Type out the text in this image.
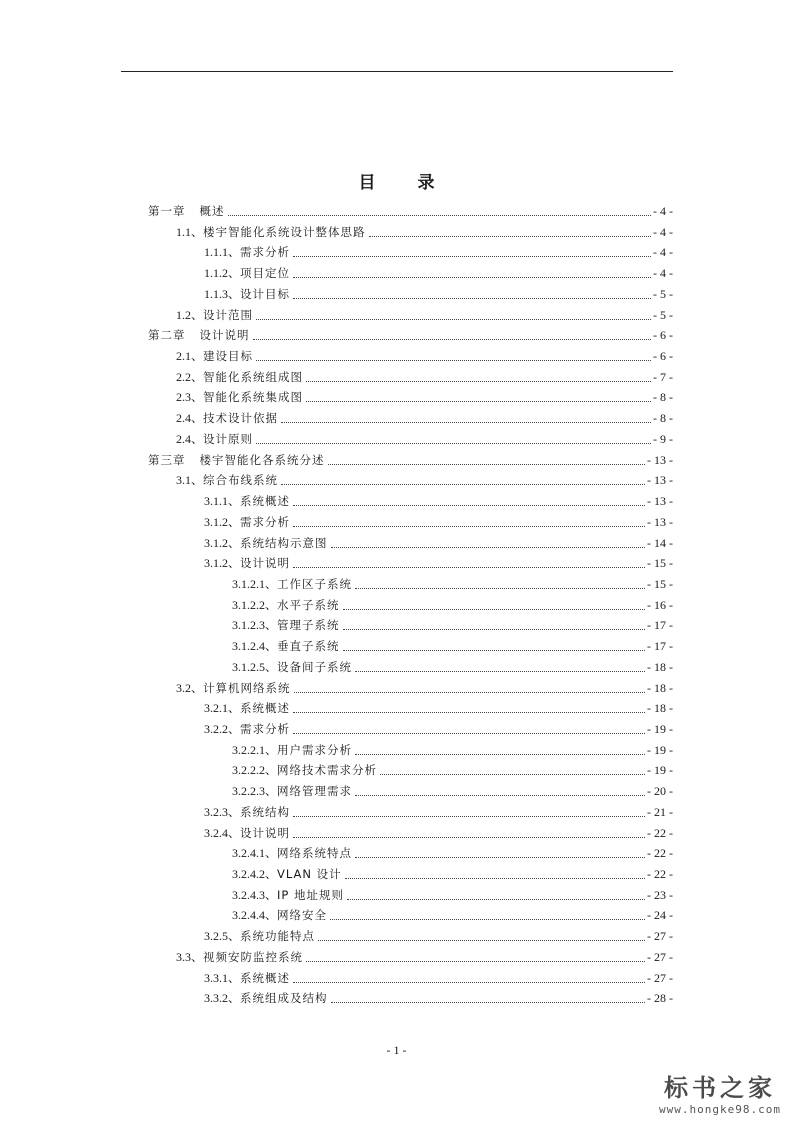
目 录
第一章 概述	- 4 -
1.1、 楼宇智能化系统设计整体思路	- 4 -
1.1.1、 需求分析	- 4 -
1.1.2、 项目定位	- 4 -
1.1.3、 设计目标	- 5 -
1.2、 设计范围	- 5 -
第二章 设计说明	- 6 -
2.1、 建设目标	- 6 -
2.2、 智能化系统组成图	- 7 -
2.3、 智能化系统集成图	- 8 -
2.4、 技术设计依据	- 8 -
2.4、 设计原则	- 9 -
第三章 楼宇智能化各系统分述	- 13 -
3.1、 综合布线系统	- 13 -
3.1.1、 系统概述	- 13 -
3.1.2、 需求分析	- 13 -
3.1.2、 系统结构示意图	- 14 -
3.1.2、 设计说明	- 15 -
3.1.2.1、 工作区子系统	- 15 -
3.1.2.2、 水平子系统	- 16 -
3.1.2.3、 管理子系统	- 17 -
3.1.2.4、 垂直子系统	- 17 -
3.1.2.5、 设备间子系统	- 18 -
3.2、 计算机网络系统	- 18 -
3.2.1、 系统概述	- 18 -
3.2.2、 需求分析	- 19 -
3.2.2.1、 用户需求分析	- 19 -
3.2.2.2、 网络技术需求分析	- 19 -
3.2.2.3、 网络管理需求	- 20 -
3.2.3、 系统结构	- 21 -
3.2.4、 设计说明	- 22 -
3.2.4.1、 网络系统特点	- 22 -
3.2.4.2、 VLAN 设计	- 22 -
3.2.4.3、 IP 地址规则	- 23 -
3.2.4.4、 网络安全	- 24 -
3.2.5、 系统功能特点	- 27 -
3.3、 视频安防监控系统	- 27 -
3.3.1、 系统概述	- 27 -
3.3.2、 系统组成及结构	- 28 -
- 1 -
标书之家
www.hongke98.com
